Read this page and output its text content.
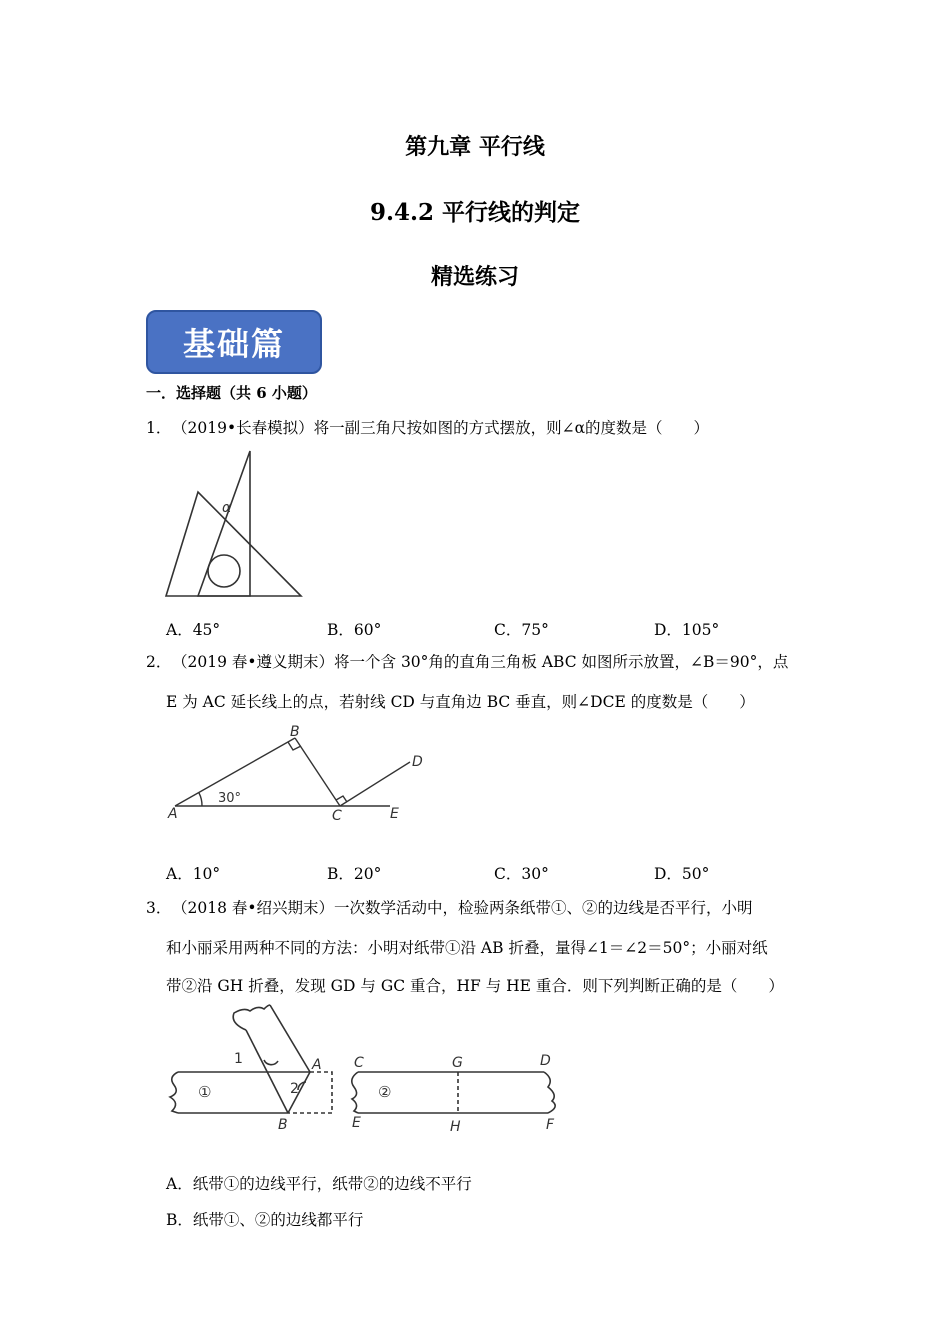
第九章 平行线
9.4.2 平行线的判定
精选练习
基础篇
一．选择题（共 6 小题）
1．（2019•长春模拟）将一副三角尺按如图的方式摆放，则∠α的度数是（　　）
α
A．45°	B．60°	C．75°	D．105°
2．（2019 春•遵义期末）将一个含 30°角的直角三角板 ABC 如图所示放置，∠B＝90°，点
E 为 AC 延长线上的点，若射线 CD 与直角边 BC 垂直，则∠DCE 的度数是（　　）
A
B
C
D
E
30°
A．10°	B．20°	C．30°	D．50°
3．（2018 春•绍兴期末）一次数学活动中，检验两条纸带①、②的边线是否平行，小明
和小丽采用两种不同的方法：小明对纸带①沿 AB 折叠，量得∠1＝∠2＝50°；小丽对纸
带②沿 GH 折叠，发现 GD 与 GC 重合，HF 与 HE 重合．则下列判断正确的是（　　）
1
2
A
B
①	②
C	G	D
E	H	F
A．纸带①的边线平行，纸带②的边线不平行
B．纸带①、②的边线都平行
